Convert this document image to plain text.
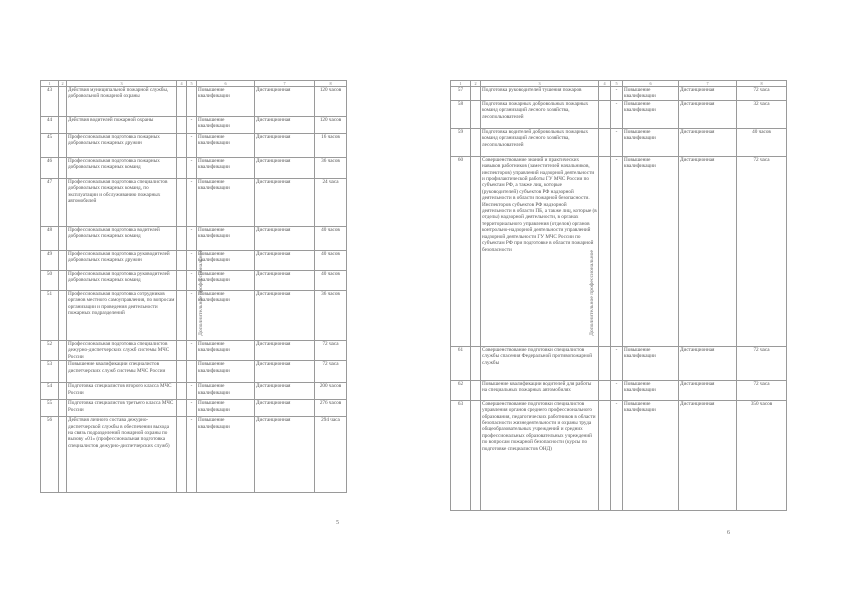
1	2	3	4	5	6	7	8
43		Действия муниципальной пожарной службы, добровольной пожарной охраны			Повышение квалификации	Дистанционная	120 часов
44		Действия водителей пожарной охраны		-	Повышение квалификации	Дистанционная	120 часов
45		Профессиональная подготовка пожарных добровольных пожарных дружин		-	Повышение квалификации	Дистанционная	16 часов
46		Профессиональная подготовка пожарных добровольных пожарных команд		-	Повышение квалификации	Дистанционная	36 часов
47		Профессиональная подготовка специалистов добровольных пожарных команд, по эксплуатации и обслуживанию пожарных автомобилей		-	Повышение квалификации	Дистанционная	24 часа
48		Профессиональная подготовка водителей добровольных пожарных команд		-	Повышение квалификации	Дистанционная	40 часов
49		Профессиональная подготовка руководителей добровольных пожарных дружин		-	Повышение квалификации	Дистанционная	40 часов
50		Профессиональная подготовка руководителей добровольных пожарных команд		-	Повышение квалификации	Дистанционная	40 часов
51		Профессиональная подготовка сотрудников органов местного самоуправления, по вопросам организации и проведения деятельности пожарных подразделений		-	Повышение квалификации	Дистанционная	36 часов
52		Профессиональная подготовка специалистов дежурно-диспетчерских служб системы МЧС России		-	Повышение квалификации	Дистанционная	72 часа
53		Повышение квалификации специалистов диспетчерских служб системы МЧС России			Повышение квалификации	Дистанционная	72 часа
54		Подготовка специалистов второго класса МЧС России		-	Повышение квалификации	Дистанционная	200 часов
55		Подготовка специалистов третьего класса МЧС России		-	Повышение квалификации	Дистанционная	276 часов
56		Действия личного состава дежурно-диспетчерской службы в обеспечении выхода на связь подразделений пожарной охраны по вызову «01» (профессиональная подготовка специалистов дежурно-диспетчерских служб)		-	Повышение квалификации	Дистанционная	294 часа
Дополнительное профессиональное
5
1	2	3	4	5	6	7	8
57		Подготовка руководителей тушения пожаров		-	Повышение квалификации	Дистанционная	72 часа
58		Подготовка пожарных добровольных пожарных команд организаций лесного хозяйства, лесопользователей		-	Повышение квалификации	Дистанционная	32 часа
59		Подготовка водителей добровольных пожарных команд организаций лесного хозяйства, лесопользователей		-	Повышение квалификации	Дистанционная	40 часов
60		Совершенствование знаний и практических навыков работников (заместителей начальников, инспекторов) управлений надзорной деятельности и профилактической работы ГУ МЧС России по субъектам РФ, а также лиц, которые (руководителей) субъектов РФ надзорной деятельности в области пожарной безопасности. Инспекторов субъектов РФ надзорной деятельности в области ПБ, а также лиц, которые (в отделы) надзорной деятельности, в органах территориального управления (отделов) органов контрольно-надзорной деятельности управлений надзорной деятельности ГУ МЧС России по субъектам РФ при подготовке в области пожарной безопасности		-	Повышение квалификации	Дистанционная	72 часа
61		Совершенствование подготовки специалистов службы спасения Федеральной противопожарной службы		-	Повышение квалификации	Дистанционная	72 часа
62		Повышение квалификации водителей для работы на специальных пожарных автомобилях		-	Повышение квалификации	Дистанционная	72 часа
63		Совершенствование подготовки специалистов управления органов среднего профессионального образования, педагогических работников в области безопасности жизнедеятельности и охраны труда общеобразовательных учреждений и средних профессиональных образовательных учреждений по вопросам пожарной безопасности (курсы по подготовке специалистов ОНД)		-	Повышение квалификации	Дистанционная	350 часов
Дополнительное профессиональное
6
